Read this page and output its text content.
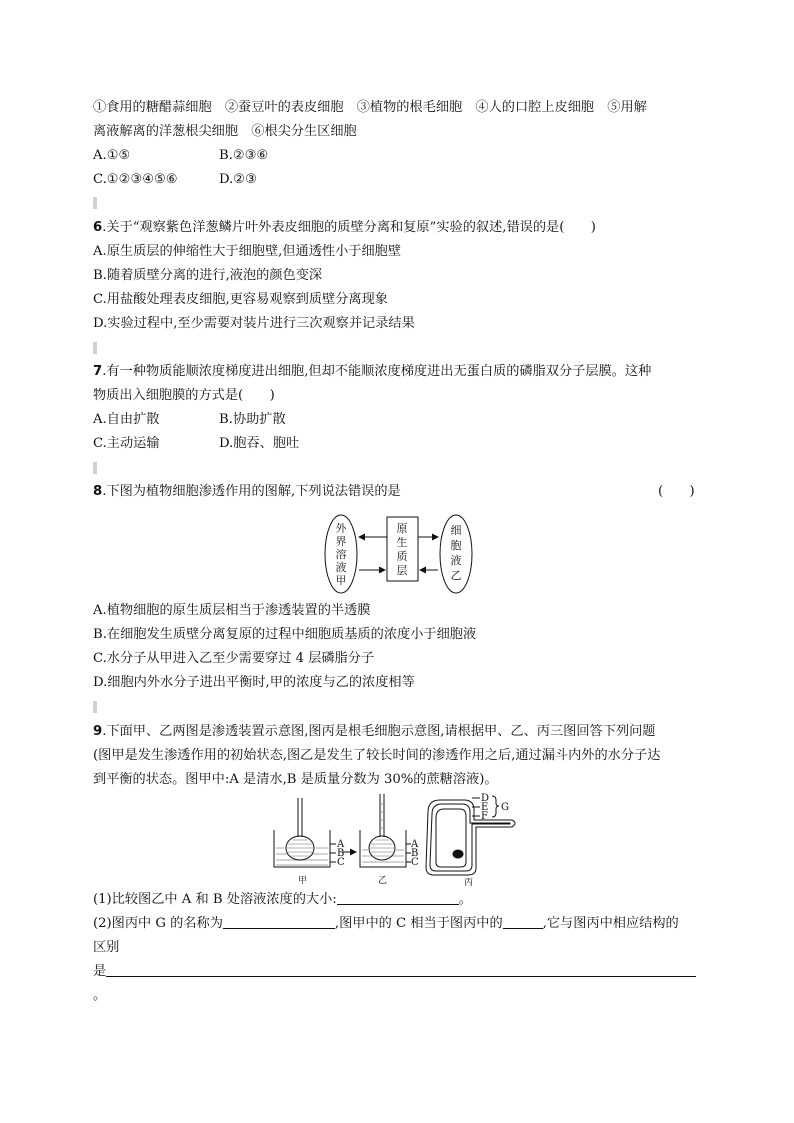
①食用的糖醋蒜细胞　②蚕豆叶的表皮细胞　③植物的根毛细胞　④人的口腔上皮细胞　⑤用解
离液解离的洋葱根尖细胞　⑥根尖分生区细胞
A.①⑤	B.②③⑥
C.①②③④⑤⑥	D.②③
6.关于“观察紫色洋葱鳞片叶外表皮细胞的质壁分离和复原”实验的叙述,错误的是(　　)
A.原生质层的伸缩性大于细胞壁,但通透性小于细胞壁
B.随着质壁分离的进行,液泡的颜色变深
C.用盐酸处理表皮细胞,更容易观察到质壁分离现象
D.实验过程中,至少需要对装片进行三次观察并记录结果
7.有一种物质能顺浓度梯度进出细胞,但却不能顺浓度梯度进出无蛋白质的磷脂双分子层膜。这种
物质出入细胞膜的方式是(　　)
A.自由扩散	B.协助扩散
C.主动运输	D.胞吞、胞吐
8.下图为植物细胞渗透作用的图解,下列说法错误的是	(　　)
外
界
溶
液
甲
原
生
质
层
细
胞
液
乙
A.植物细胞的原生质层相当于渗透装置的半透膜
B.在细胞发生质壁分离复原的过程中细胞质基质的浓度小于细胞液
C.水分子从甲进入乙至少需要穿过 4 层磷脂分子
D.细胞内外水分子进出平衡时,甲的浓度与乙的浓度相等
9.下面甲、乙两图是渗透装置示意图,图丙是根毛细胞示意图,请根据甲、乙、丙三图回答下列问题
(图甲是发生渗透作用的初始状态,图乙是发生了较长时间的渗透作用之后,通过漏斗内外的水分子达
到平衡的状态。图甲中:A 是清水,B 是质量分数为 30%的蔗糖溶液)。
A
B
C
甲
A
B
C
乙
D
E
F
G
丙
(1)比较图乙中 A 和 B 处溶液浓度的大小:	。
(2)图丙中 G 的名称为	,图甲中的 C 相当于图丙中的	,它与图丙中相应结构的
区别
是
。
